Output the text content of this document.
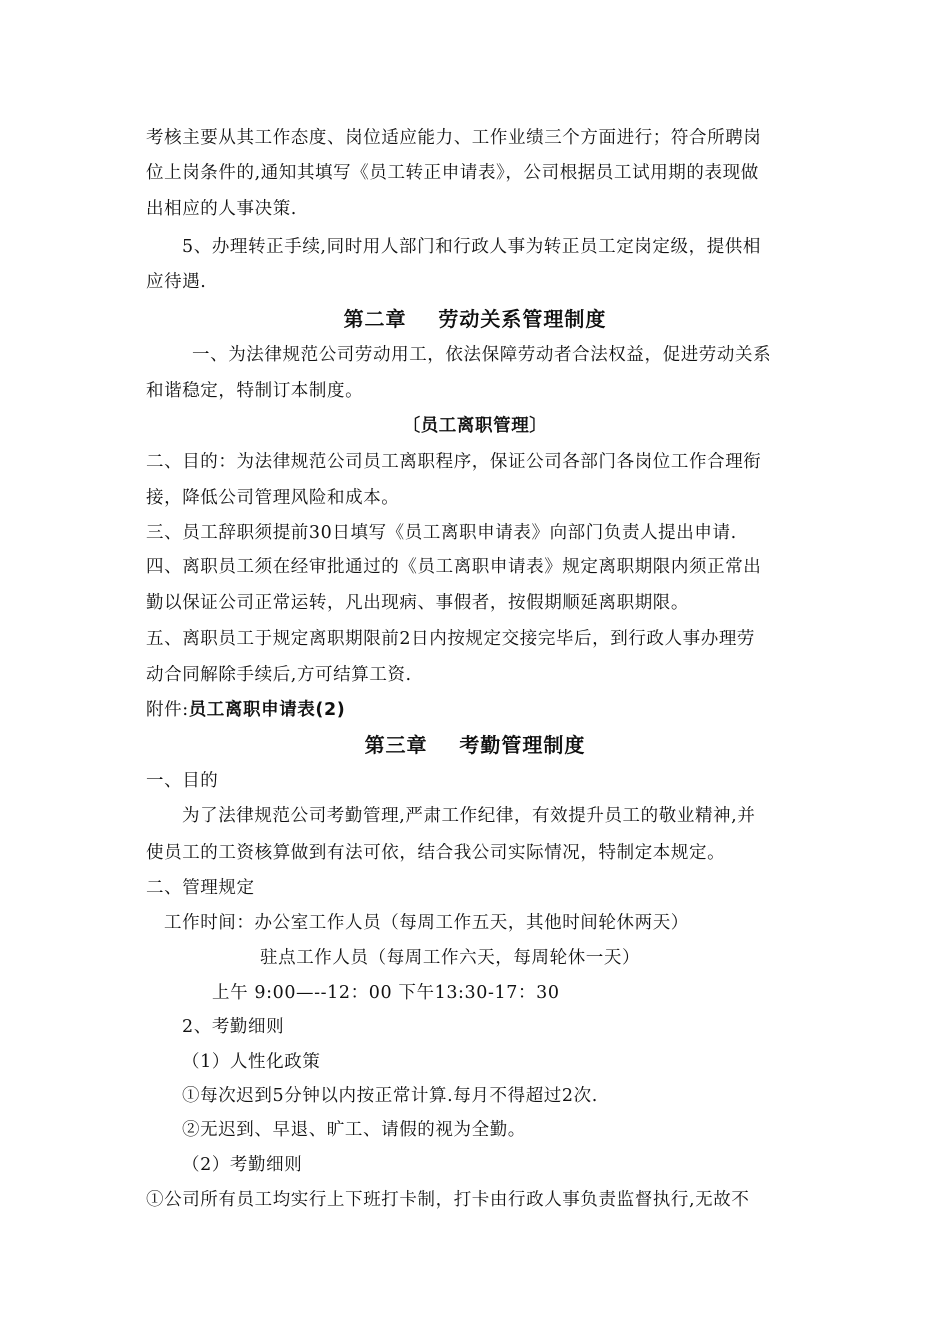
考核主要从其工作态度、岗位适应能力、工作业绩三个方面进行；符合所聘岗
位上岗条件的,通知其填写《员工转正申请表》，公司根据员工试用期的表现做
出相应的人事决策.
5、办理转正手续,同时用人部门和行政人事为转正员工定岗定级，提供相
应待遇.
第二章    劳动关系管理制度
一、为法律规范公司劳动用工，依法保障劳动者合法权益，促进劳动关系
和谐稳定，特制订本制度。
〔员工离职管理〕
二、目的：为法律规范公司员工离职程序，保证公司各部门各岗位工作合理衔
接，降低公司管理风险和成本。
三、员工辞职须提前30日填写《员工离职申请表》向部门负责人提出申请.
四、离职员工须在经审批通过的《员工离职申请表》规定离职期限内须正常出
勤以保证公司正常运转，凡出现病、事假者，按假期顺延离职期限。
五、离职员工于规定离职期限前2日内按规定交接完毕后，到行政人事办理劳
动合同解除手续后,方可结算工资.
附件:员工离职申请表(2)
第三章    考勤管理制度
一、目的
为了法律规范公司考勤管理,严肃工作纪律，有效提升员工的敬业精神,并
使员工的工资核算做到有法可依，结合我公司实际情况，特制定本规定。
二、管理规定
工作时间：办公室工作人员（每周工作五天，其他时间轮休两天）
驻点工作人员（每周工作六天，每周轮休一天）
上午 9:00—--12：00 下午13:30-17：30
2、考勤细则
（1）人性化政策
①每次迟到5分钟以内按正常计算.每月不得超过2次.
②无迟到、早退、旷工、请假的视为全勤。
（2）考勤细则
①公司所有员工均实行上下班打卡制，打卡由行政人事负责监督执行,无故不
